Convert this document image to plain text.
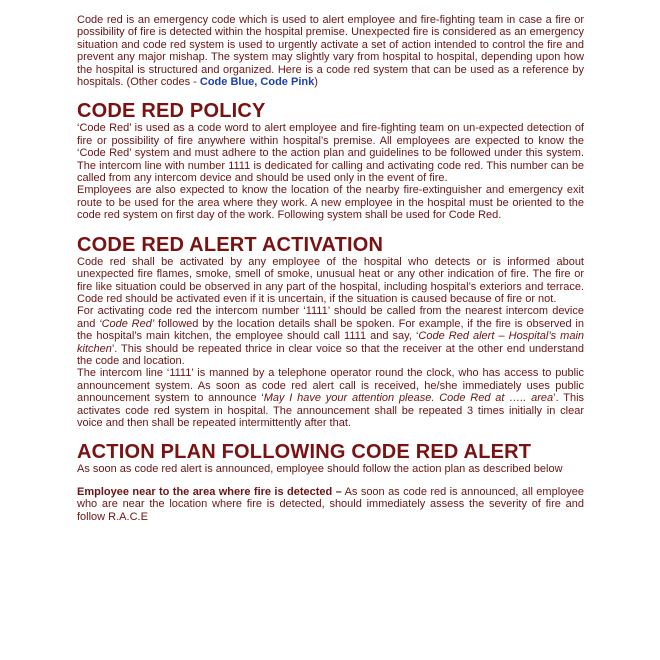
Code red is an emergency code which is used to alert employee and fire-fighting team in case a fire or possibility of fire is detected within the hospital premise. Unexpected fire is considered as an emergency situation and code red system is used to urgently activate a set of action intended to control the fire and prevent any major mishap. The system may slightly vary from hospital to hospital, depending upon how the hospital is structured and organized. Here is a code red system that can be used as a reference by hospitals. (Other codes - Code Blue, Code Pink)

CODE RED POLICY

‘Code Red’ is used as a code word to alert employee and fire-fighting team on un-expected detection of fire or possibility of fire anywhere within hospital’s premise. All employees are expected to know the ‘Code Red’ system and must adhere to the action plan and guidelines to be followed under this system. The intercom line with number 1111 is dedicated for calling and activating code red. This number can be called from any intercom device and should be used only in the event of fire.

Employees are also expected to know the location of the nearby fire-extinguisher and emergency exit route to be used for the area where they work. A new employee in the hospital must be oriented to the code red system on first day of the work. Following system shall be used for Code Red.

CODE RED ALERT ACTIVATION

Code red shall be activated by any employee of the hospital who detects or is informed about unexpected fire flames, smoke, smell of smoke, unusual heat or any other indication of fire. The fire or fire like situation could be observed in any part of the hospital, including hospital’s exteriors and terrace. Code red should be activated even if it is uncertain, if the situation is caused because of fire or not.

For activating code red the intercom number ‘1111’ should be called from the nearest intercom device and ‘Code Red’ followed by the location details shall be spoken. For example, if the fire is observed in the hospital’s main kitchen, the employee should call 1111 and say, ‘Code Red alert – Hospital’s main kitchen’. This should be repeated thrice in clear voice so that the receiver at the other end understand the code and location.

The intercom line ‘1111’ is manned by a telephone operator round the clock, who has access to public announcement system. As soon as code red alert call is received, he/she immediately uses public announcement system to announce ‘May I have your attention please. Code Red at ….. area’. This activates code red system in hospital. The announcement shall be repeated 3 times initially in clear voice and then shall be repeated intermittently after that.

ACTION PLAN FOLLOWING CODE RED ALERT

As soon as code red alert is announced, employee should follow the action plan as described below

Employee near to the area where fire is detected – As soon as code red is announced, all employee who are near the location where fire is detected, should immediately assess the severity of fire and follow R.A.C.E
